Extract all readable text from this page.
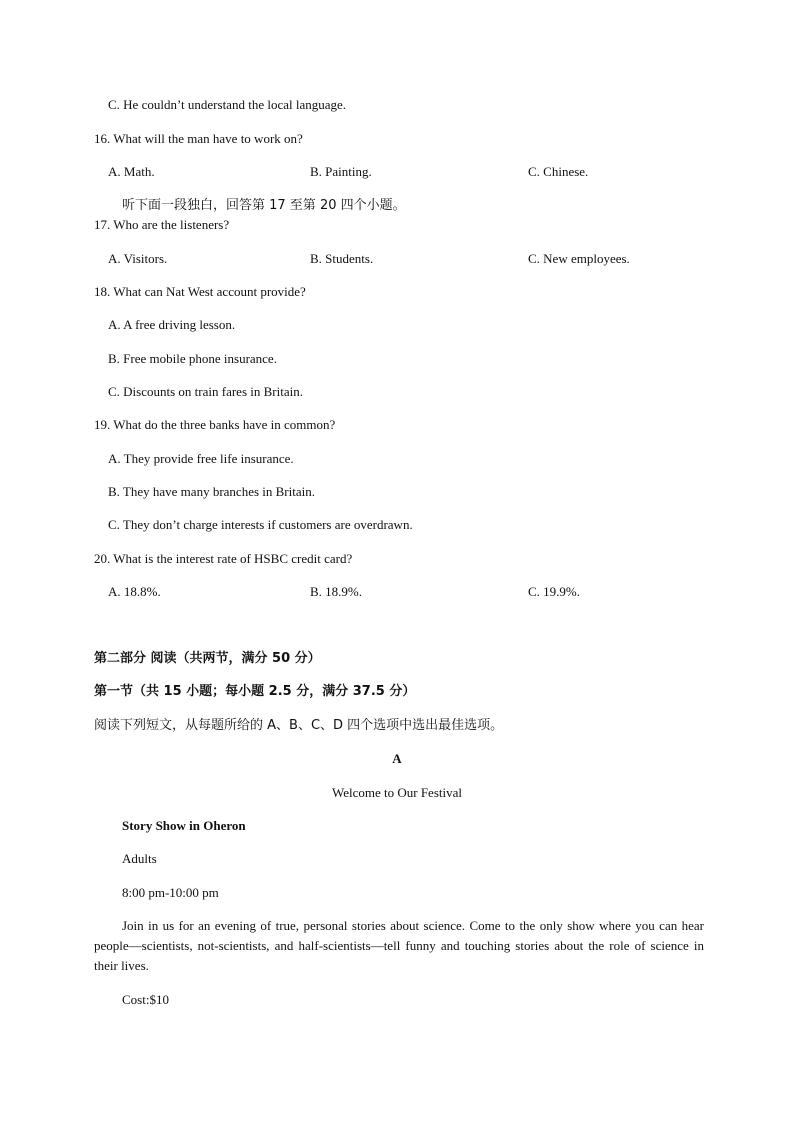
C. He couldn’t understand the local language.
16. What will the man have to work on?
A. Math.	B. Painting.	C. Chinese.
听下面一段独白，回答第 17 至第 20 四个小题。
17. Who are the listeners?
A. Visitors.	B. Students.	C. New employees.
18. What can Nat West account provide?
A. A free driving lesson.
B. Free mobile phone insurance.
C. Discounts on train fares in Britain.
19. What do the three banks have in common?
A. They provide free life insurance.
B. They have many branches in Britain.
C. They don’t charge interests if customers are overdrawn.
20. What is the interest rate of HSBC credit card?
A. 18.8%.	B. 18.9%.	C. 19.9%.
第二部分 阅读（共两节，满分 50 分）
第一节（共 15 小题；每小题 2.5 分，满分 37.5 分）
阅读下列短文，从每题所给的 A、B、C、D 四个选项中选出最佳选项。
A
Welcome to Our Festival
Story Show in Oheron
Adults
8:00 pm-10:00 pm
Join in us for an evening of true, personal stories about science. Come to the only show where you can hear people—scientists, not-scientists, and half-scientists—tell funny and touching stories about the role of science in their lives.
Cost:$10
